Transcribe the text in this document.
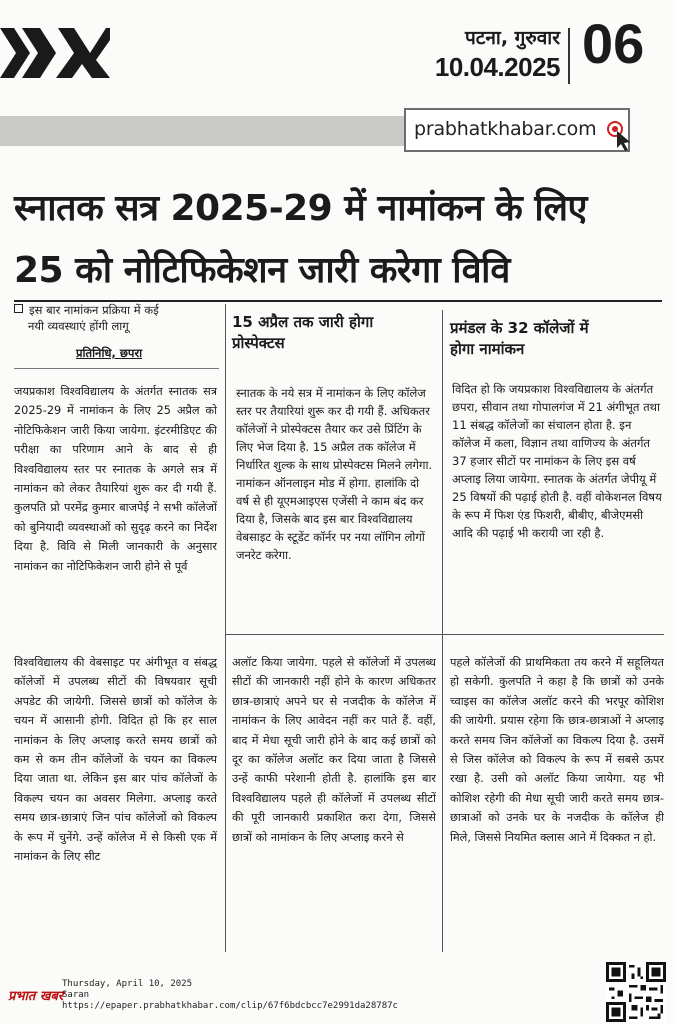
पटना, गुरुवार
10.04.2025 06
prabhatkhabar.com
स्नातक सत्र 2025-29 में नामांकन के लिए
25 को नोटिफिकेशन जारी करेगा विवि
इस बार नामांकन प्रक्रिया में कई
नयी व्यवस्थाएं होंगी लागू
प्रतिनिधि, छपरा
जयप्रकाश विश्वविद्यालय के अंतर्गत स्नातक सत्र 2025-29 में नामांकन के लिए 25 अप्रैल को नोटिफिकेशन जारी किया जायेगा. इंटरमीडिएट की परीक्षा का परिणाम आने के बाद से ही विश्वविद्यालय स्तर पर स्नातक के अगले सत्र में नामांकन को लेकर तैयारियां शुरू कर दी गयी हैं. कुलपति प्रो परमेंद्र कुमार बाजपेई ने सभी कॉलेजों को बुनियादी व्यवस्थाओं को सुदृढ़ करने का निर्देश दिया है. विवि से मिली जानकारी के अनुसार नामांकन का नोटिफिकेशन जारी होने से पूर्व
विश्वविद्यालय की वेबसाइट पर अंगीभूत व संबद्ध कॉलेजों में उपलब्ध सीटों की विषयवार सूची अपडेट की जायेगी. जिससे छात्रों को कॉलेज के चयन में आसानी होगी. विदित हो कि हर साल नामांकन के लिए अप्लाइ करते समय छात्रों को कम से कम तीन कॉलेजों के चयन का विकल्प दिया जाता था. लेकिन इस बार पांच कॉलेजों के विकल्प चयन का अवसर मिलेगा. अप्लाइ करते समय छात्र-छात्राएं जिन पांच कॉलेजों को विकल्प के रूप में चुनेंगे. उन्हें कॉलेज में से किसी एक में नामांकन के लिए सीट
15 अप्रैल तक जारी होगा
प्रोस्पेक्टस
स्नातक के नये सत्र में नामांकन के लिए कॉलेज स्तर पर तैयारियां शुरू कर दी गयी हैं. अधिकतर कॉलेजों ने प्रोस्पेक्टस तैयार कर उसे प्रिंटिंग के लिए भेज दिया है. 15 अप्रैल तक कॉलेज में निर्धारित शुल्क के साथ प्रोस्पेक्टस मिलने लगेगा. नामांकन ऑनलाइन मोड में होगा. हालांकि दो वर्ष से ही यूएमआइएस एजेंसी ने काम बंद कर दिया है, जिसके बाद इस बार विश्वविद्यालय वेबसाइट के स्टूडेंट कॉर्नर पर नया लॉगिन लोगों जनरेट करेगा.
प्रमंडल के 32 कॉलेजों में
होगा नामांकन
विदित हो कि जयप्रकाश विश्वविद्यालय के अंतर्गत छपरा, सीवान तथा गोपालगंज में 21 अंगीभूत तथा 11 संबद्ध कॉलेजों का संचालन होता है. इन कॉलेज में कला, विज्ञान तथा वाणिज्य के अंतर्गत 37 हजार सीटों पर नामांकन के लिए इस वर्ष अप्लाइ लिया जायेगा. स्नातक के अंतर्गत जेपीयू में 25 विषयों की पढ़ाई होती है. वहीं वोकेशनल विषय के रूप में फिश एंड फिशरी, बीबीए, बीजेएमसी आदि की पढ़ाई भी करायी जा रही है.
अलॉट किया जायेगा. पहले से कॉलेजों में उपलब्ध सीटों की जानकारी नहीं होने के कारण अधिकतर छात्र-छात्राएं अपने घर से नजदीक के कॉलेज में नामांकन के लिए आवेदन नहीं कर पाते हैं. वहीं, बाद में मेधा सूची जारी होने के बाद कई छात्रों को दूर का कॉलेज अलॉट कर दिया जाता है जिससे उन्हें काफी परेशानी होती है. हालांकि इस बार विश्वविद्यालय पहले ही कॉलेजों में उपलब्ध सीटों की पूरी जानकारी प्रकाशित करा देगा, जिससे छात्रों को नामांकन के लिए अप्लाइ करने से
पहले कॉलेजों की प्राथमिकता तय करने में सहूलियत हो सकेगी. कुलपति ने कहा है कि छात्रों को उनके च्वाइस का कॉलेज अलॉट करने की भरपूर कोशिश की जायेगी. प्रयास रहेगा कि छात्र-छात्राओं ने अप्लाइ करते समय जिन कॉलेजों का विकल्प दिया है. उसमें से जिस कॉलेज को विकल्प के रूप में सबसे ऊपर रखा है. उसी को अलॉट किया जायेगा. यह भी कोशिश रहेगी की मेधा सूची जारी करते समय छात्र-छात्राओं को उनके घर के नजदीक के कॉलेज ही मिले, जिससे नियमित क्लास आने में दिक्कत न हो.
प्रभात खबर
Thursday, April 10, 2025
Saran
https://epaper.prabhatkhabar.com/clip/67f6bdcbcc7e2991da28787c
